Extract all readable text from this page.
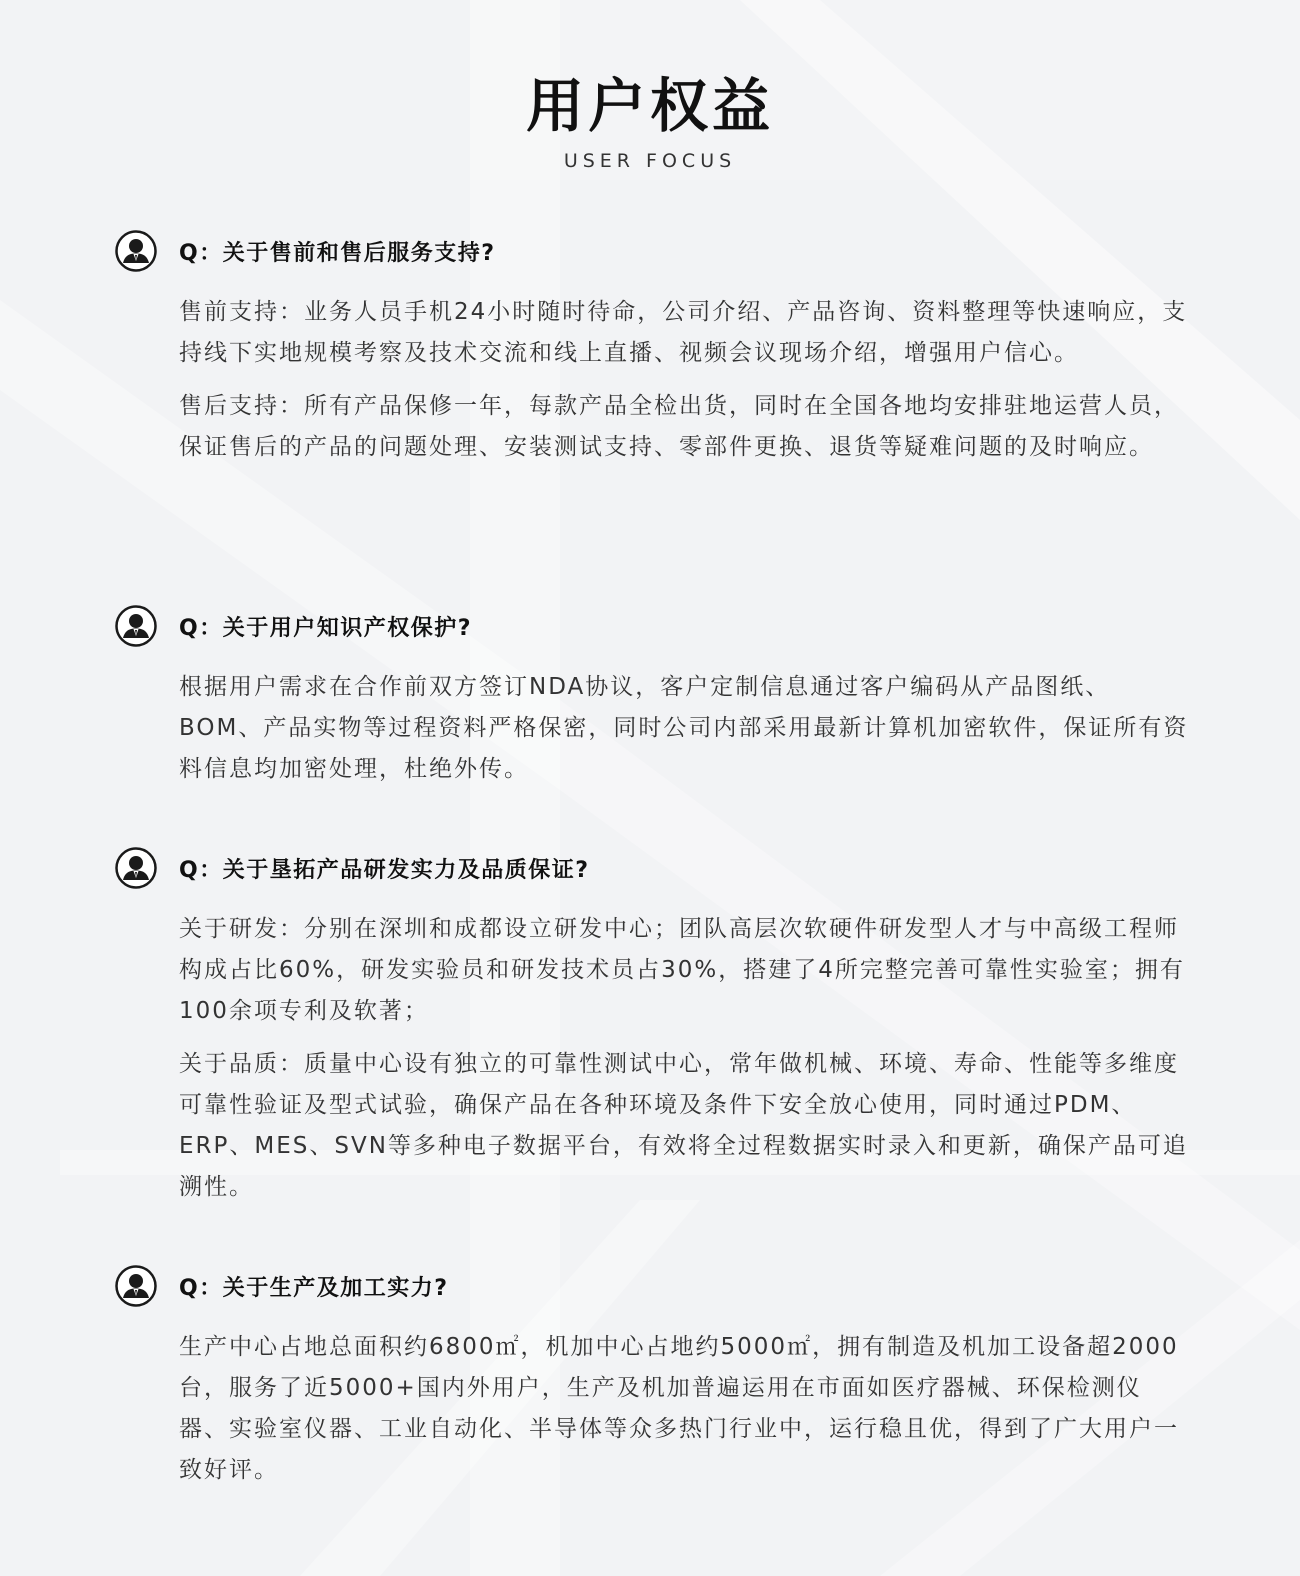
用户权益
USER FOCUS
Q：关于售前和售后服务支持?

售前支持：业务人员手机24小时随时待命，公司介绍、产品咨询、资料整理等快速响应，支持线下实地规模考察及技术交流和线上直播、视频会议现场介绍，增强用户信心。

售后支持：所有产品保修一年，每款产品全检出货，同时在全国各地均安排驻地运营人员，保证售后的产品的问题处理、安装测试支持、零部件更换、退货等疑难问题的及时响应。

Q：关于用户知识产权保护?

根据用户需求在合作前双方签订NDA协议，客户定制信息通过客户编码从产品图纸、BOM、产品实物等过程资料严格保密，同时公司内部采用最新计算机加密软件，保证所有资料信息均加密处理，杜绝外传。

Q：关于垦拓产品研发实力及品质保证?

关于研发：分别在深圳和成都设立研发中心；团队高层次软硬件研发型人才与中高级工程师构成占比60%，研发实验员和研发技术员占30%，搭建了4所完整完善可靠性实验室；拥有100余项专利及软著；

关于品质：质量中心设有独立的可靠性测试中心，常年做机械、环境、寿命、性能等多维度可靠性验证及型式试验，确保产品在各种环境及条件下安全放心使用，同时通过PDM、ERP、MES、SVN等多种电子数据平台，有效将全过程数据实时录入和更新，确保产品可追溯性。

Q：关于生产及加工实力?

生产中心占地总面积约6800㎡，机加中心占地约5000㎡，拥有制造及机加工设备超2000台，服务了近5000+国内外用户，生产及机加普遍运用在市面如医疗器械、环保检测仪器、实验室仪器、工业自动化、半导体等众多热门行业中，运行稳且优，得到了广大用户一致好评。
